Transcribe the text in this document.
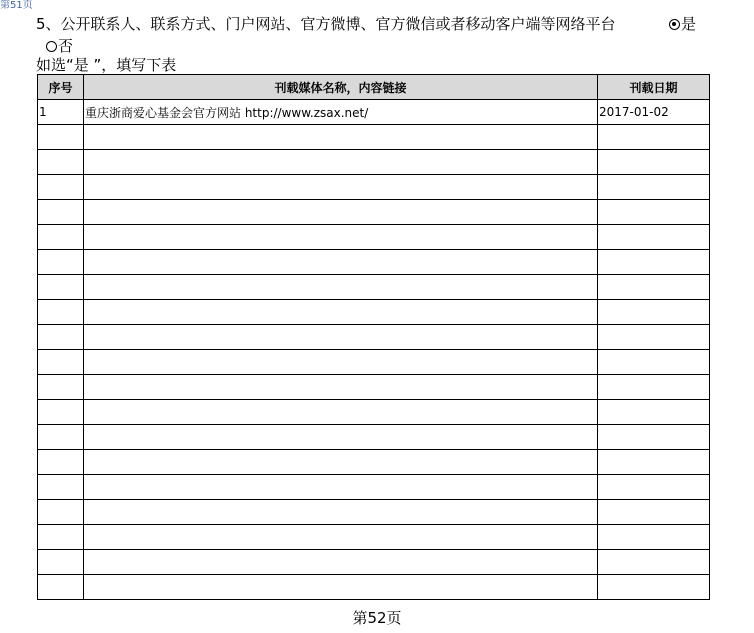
第51页
5、公开联系人、联系方式、门户网站、官方微博、官方微信或者移动客户端等网络平台	是
否
如选“是 ”，填写下表
序号	刊载媒体名称，内容链接	刊载日期
1	重庆浙商爱心基金会官方网站 http://www.zsax.net/	2017-01-02

第52页
